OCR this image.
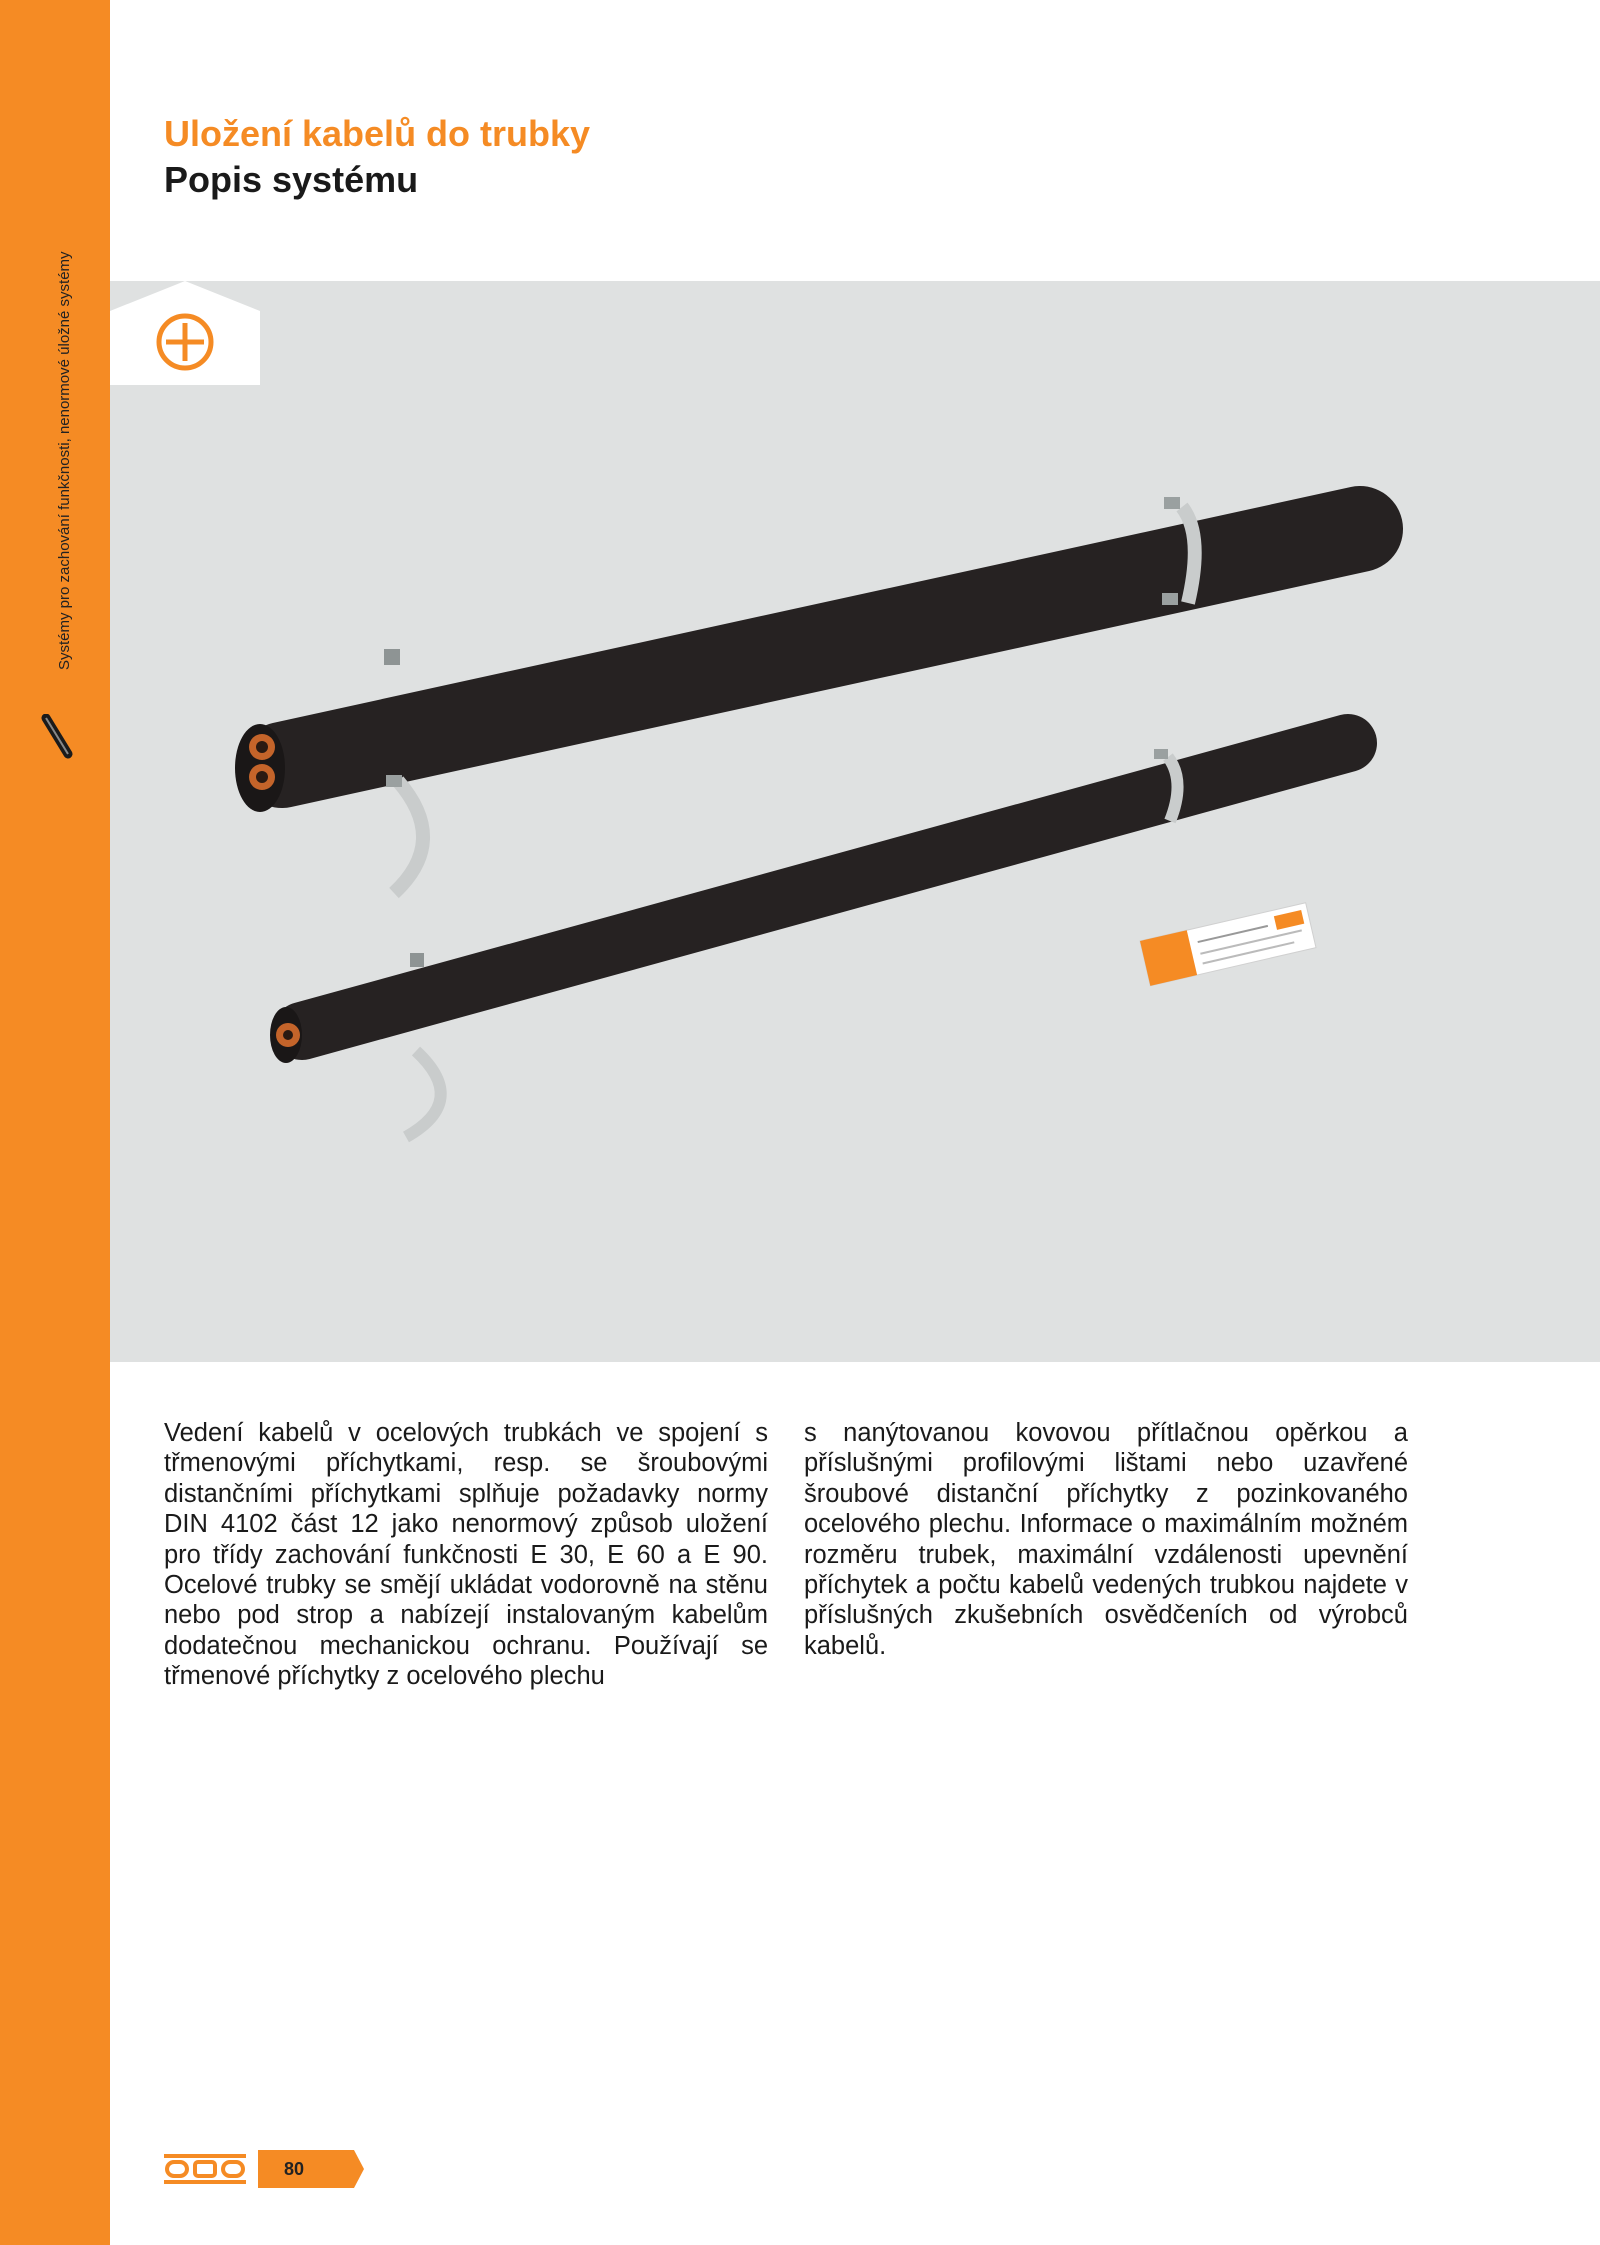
Systémy pro zachování funkčnosti, nenormové úložné systémy
Uložení kabelů do trubky
Popis systému

Vedení kabelů v ocelových trubkách ve spojení s třmenovými příchytkami, resp. se šroubovými distančními příchytkami splňuje požadavky normy DIN 4102 část 12 jako nenormový způsob uložení pro třídy zachování funkčnosti E 30, E 60 a E 90. Ocelové trubky se smějí ukládat vodorovně na stěnu nebo pod strop a nabízejí instalovaným kabelům dodatečnou mechanickou ochranu. Používají se třmenové příchytky z ocelového plechu

s nanýtovanou kovovou přítlačnou opěrkou a příslušnými profilovými lištami nebo uzavřené šroubové distanční příchytky z pozinkovaného ocelového plechu. Informace o maximálním možném rozměru trubek, maximální vzdálenosti upevnění příchytek a počtu kabelů vedených trubkou najdete v příslušných zkušebních osvědčeních od výrobců kabelů.

80
